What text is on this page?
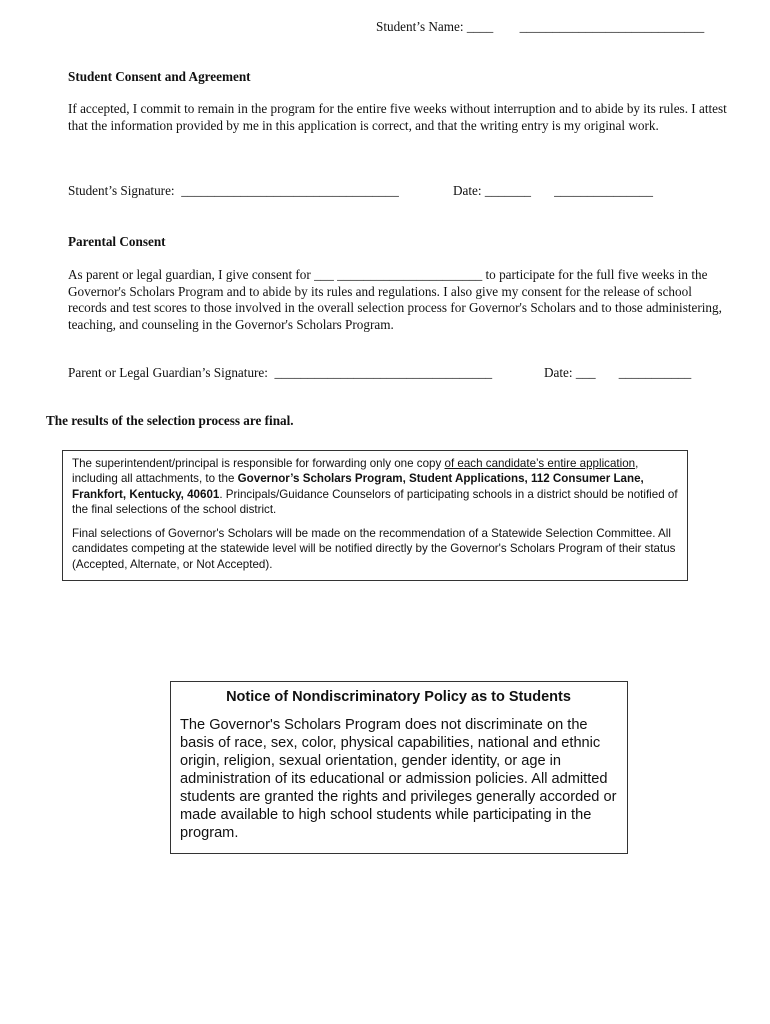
Student’s Name: ____        ____________________________
Student Consent and Agreement
If accepted, I commit to remain in the program for the entire five weeks without interruption and to abide by its rules. I attest that the information provided by me in this application is correct, and that the writing entry is my original work.
Student’s Signature:  _________________________________	Date: _______       _______________
Parental Consent
As parent or legal guardian, I give consent for ___ ______________________ to participate for the full five weeks in the Governor's Scholars Program and to abide by its rules and regulations. I also give my consent for the release of school records and test scores to those involved in the overall selection process for Governor's Scholars and to those administering, teaching, and counseling in the Governor's Scholars Program.
Parent or Legal Guardian’s Signature:  _________________________________	Date: ___       ___________
The results of the selection process are final.

The superintendent/principal is responsible for forwarding only one copy of each candidate’s entire application, including all attachments, to the Governor’s Scholars Program, Student Applications, 112 Consumer Lane, Frankfort, Kentucky, 40601. Principals/Guidance Counselors of participating schools in a district should be notified of the final selections of the school district.

Final selections of Governor's Scholars will be made on the recommendation of a Statewide Selection Committee. All candidates competing at the statewide level will be notified directly by the Governor's Scholars Program of their status (Accepted, Alternate, or Not Accepted).

Notice of Nondiscriminatory Policy as to Students

The Governor's Scholars Program does not discriminate on the basis of race, sex, color, physical capabilities, national and ethnic origin, religion, sexual orientation, gender identity, or age in administration of its educational or admission policies. All admitted students are granted the rights and privileges generally accorded or made available to high school students while participating in the program.
